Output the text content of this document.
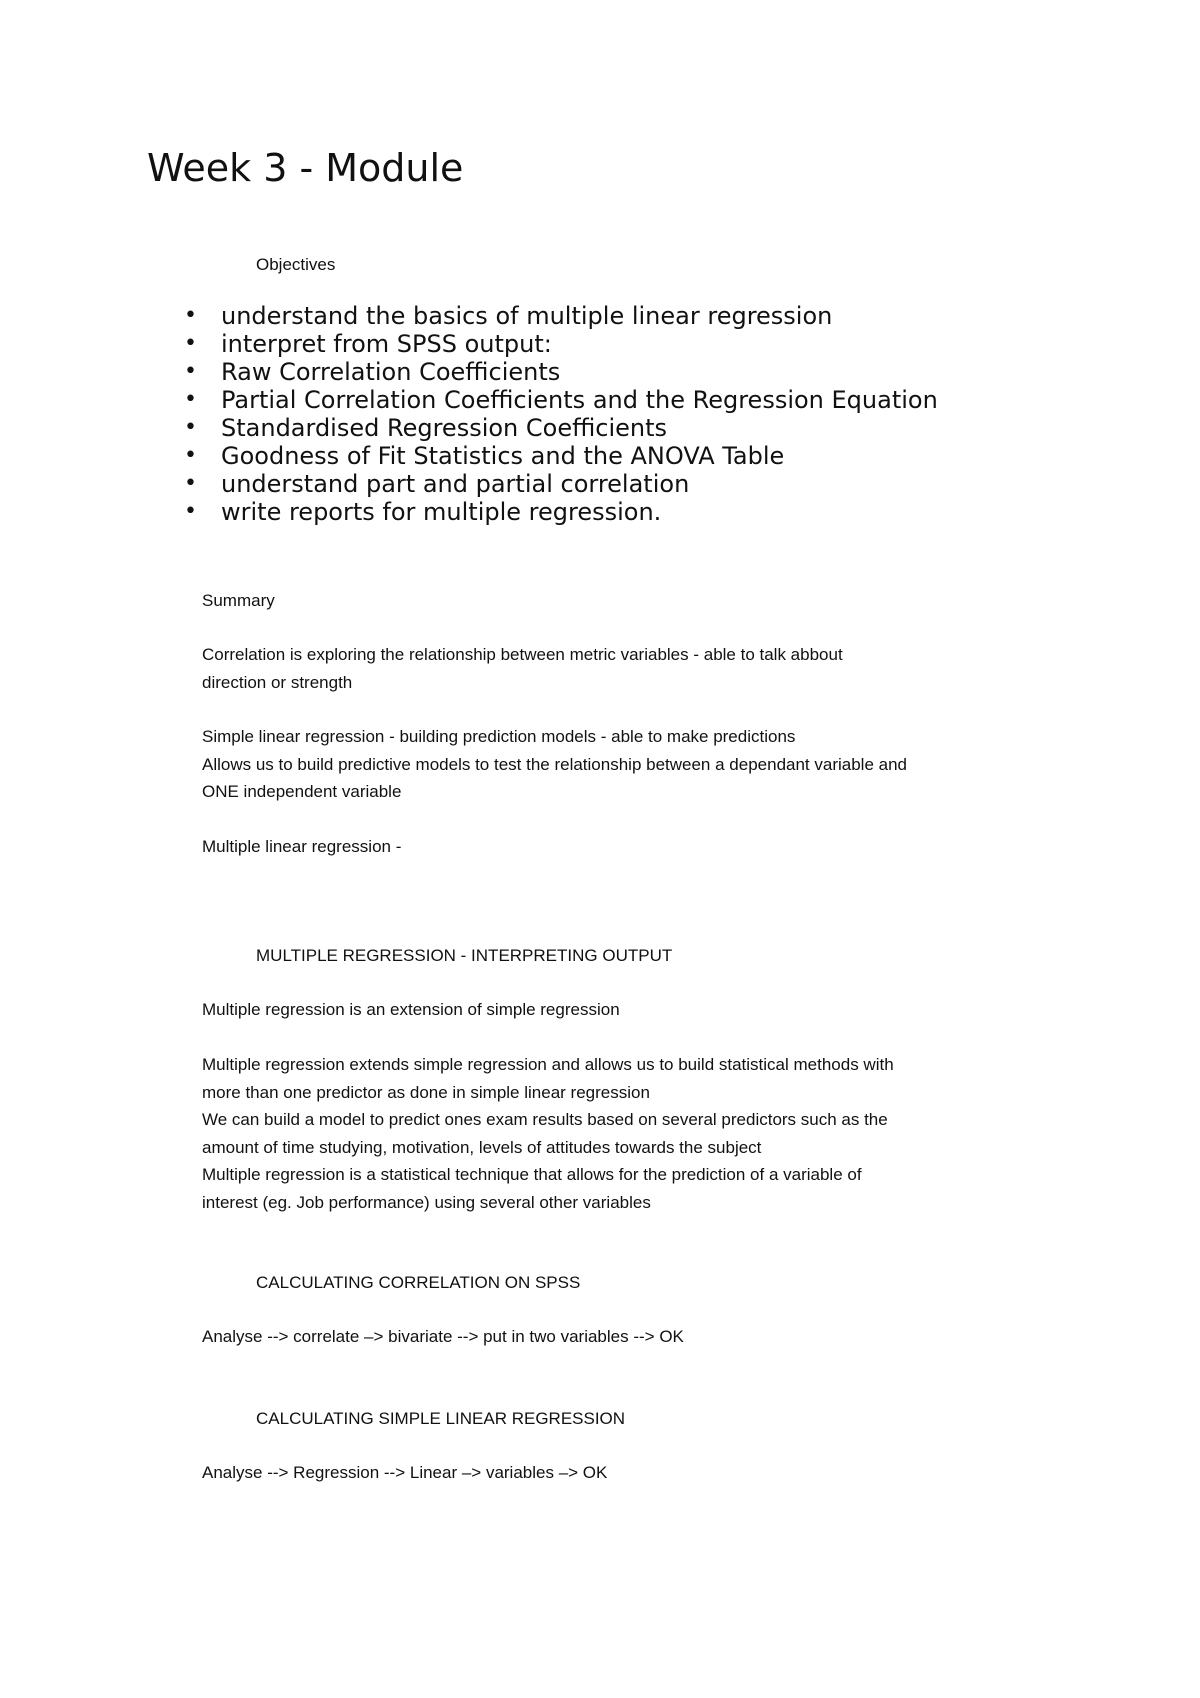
Week 3 - Module

Objectives

• understand the basics of multiple linear regression
• interpret from SPSS output:
• Raw Correlation Coefficients
• Partial Correlation Coefficients and the Regression Equation
• Standardised Regression Coefficients
• Goodness of Fit Statistics and the ANOVA Table
• understand part and partial correlation
• write reports for multiple regression.

Summary

Correlation is exploring the relationship between metric variables - able to talk abbout

direction or strength

Simple linear regression - building prediction models - able to make predictions

Allows us to build predictive models to test the relationship between a dependant variable and

ONE independent variable

Multiple linear regression -

MULTIPLE REGRESSION - INTERPRETING OUTPUT

Multiple regression is an extension of simple regression

Multiple regression extends simple regression and allows us to build statistical methods with

more than one predictor as done in simple linear regression

We can build a model to predict ones exam results based on several predictors such as the

amount of time studying, motivation, levels of attitudes towards the subject

Multiple regression is a statistical technique that allows for the prediction of a variable of

interest (eg. Job performance) using several other variables

CALCULATING CORRELATION ON SPSS

Analyse --> correlate –> bivariate --> put in two variables --> OK

CALCULATING SIMPLE LINEAR REGRESSION

Analyse --> Regression --> Linear –> variables –> OK
